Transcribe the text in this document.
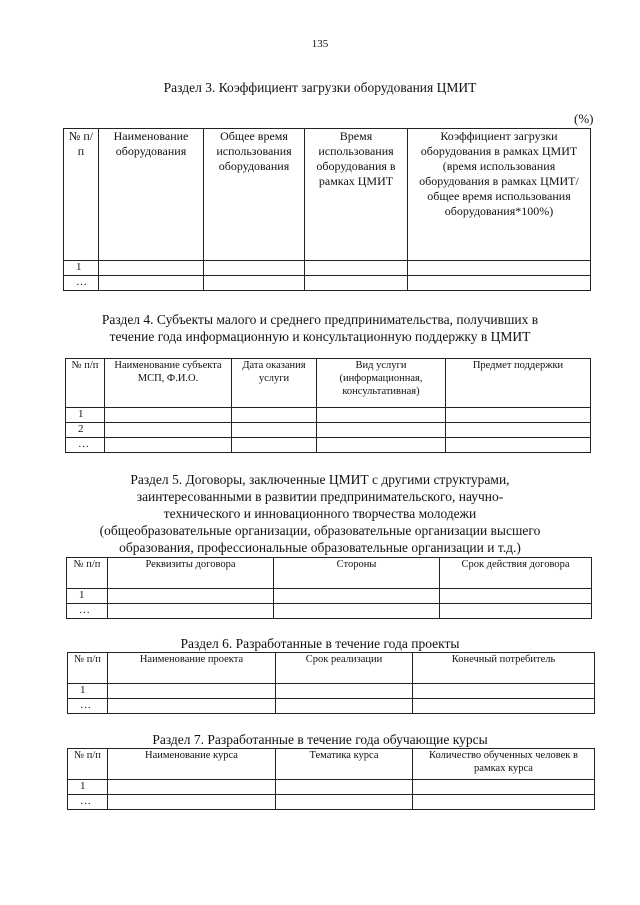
135
Раздел 3. Коэффициент загрузки оборудования ЦМИТ
(%)
№ п/п	Наименование оборудования	Общее время использования оборудования	Время использования оборудования в рамках ЦМИТ	Коэффициент загрузки оборудования в рамках ЦМИТ (время использования оборудования в рамках ЦМИТ/общее время использования оборудования*100%)
1				
…				
Раздел 4. Субъекты малого и среднего предпринимательства, получивших в
течение года информационную и консультационную поддержку в ЦМИТ
№ п/п	Наименование субъекта МСП, Ф.И.О.	Дата оказания услуги	Вид услуги (информационная, консультативная)	Предмет поддержки
1				
2				
…				
Раздел 5. Договоры, заключенные ЦМИТ с другими структурами,
заинтересованными в развитии предпринимательского, научно-
технического и инновационного творчества молодежи
(общеобразовательные организации, образовательные организации высшего
образования, профессиональные образовательные организации и т.д.)
№ п/п	Реквизиты договора	Стороны	Срок действия договора
1			
…			
Раздел 6. Разработанные в течение года проекты
№ п/п	Наименование проекта	Срок реализации	Конечный потребитель
1			
…			
Раздел 7. Разработанные в течение года обучающие курсы
№ п/п	Наименование курса	Тематика курса	Количество обученных человек в рамках курса
1			
…			
